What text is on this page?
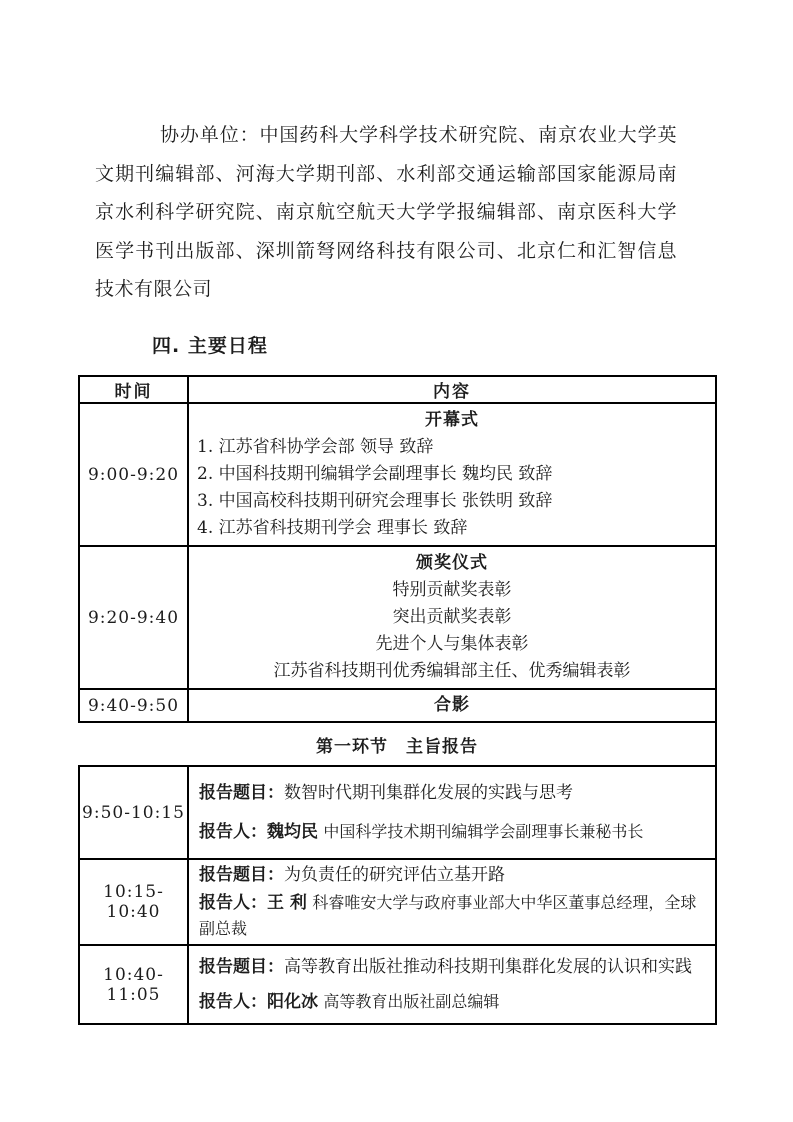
协办单位：中国药科大学科学技术研究院、南京农业大学英文期刊编辑部、河海大学期刊部、水利部交通运输部国家能源局南京水利科学研究院、南京航空航天大学学报编辑部、南京医科大学医学书刊出版部、深圳箭弩网络科技有限公司、北京仁和汇智信息技术有限公司

四. 主要日程
时间	内容
9:00-9:20	开幕式
1. 江苏省科协学会部 领导 致辞
2. 中国科技期刊编辑学会副理事长 魏均民 致辞
3. 中国高校科技期刊研究会理事长 张铁明 致辞
4. 江苏省科技期刊学会 理事长 致辞

9:20-9:40	颁奖仪式
特别贡献奖表彰
突出贡献奖表彰
先进个人与集体表彰
江苏省科技期刊优秀编辑部主任、优秀编辑表彰

9:40-9:50	合影
第一环节　主旨报告	
9:50-10:15	报告题目：数智时代期刊集群化发展的实践与思考
报告人：魏均民 中国科学技术期刊编辑学会副理事长兼秘书长

10:15-10:40	报告题目：为负责任的研究评估立基开路
报告人：王 利 科睿唯安大学与政府事业部大中华区董事总经理，全球副总裁

10:40-11:05	报告题目：高等教育出版社推动科技期刊集群化发展的认识和实践
报告人：阳化冰 高等教育出版社副总编辑
